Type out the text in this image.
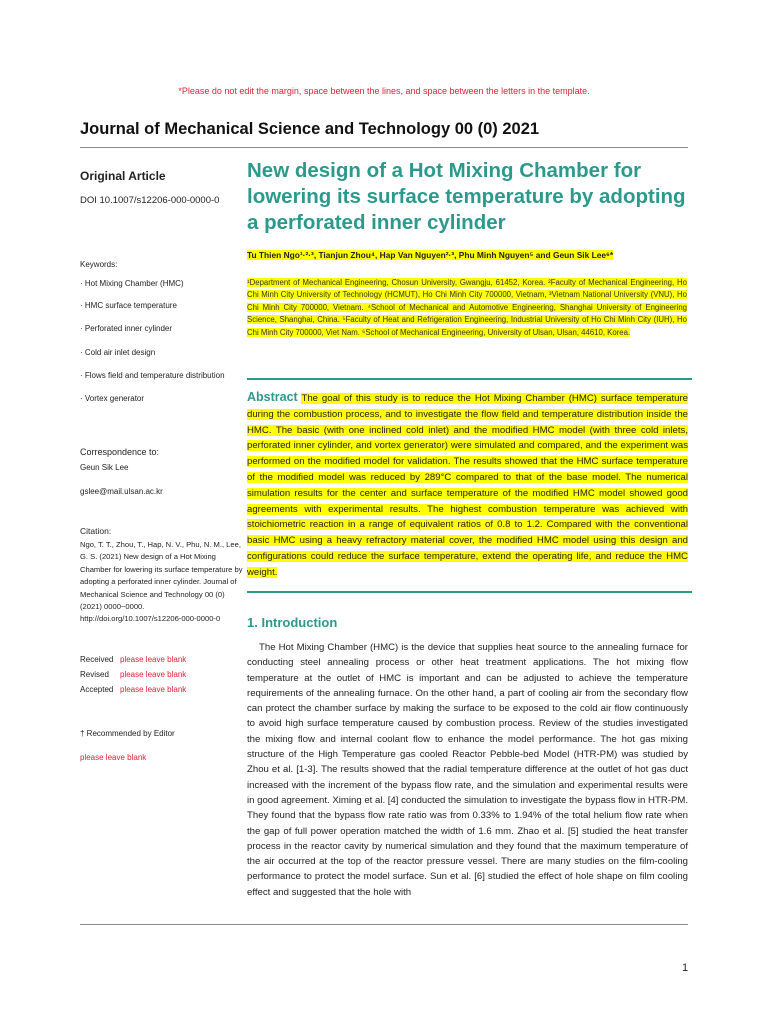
*Please do not edit the margin, space between the lines, and space between the letters in the template.
Journal of Mechanical Science and Technology 00 (0) 2021
Original Article
DOI 10.1007/s12206-000-0000-0
Keywords:
· Hot Mixing Chamber (HMC)
· HMC surface temperature
· Perforated inner cylinder
· Cold air inlet design
· Flows field and temperature distribution
· Vortex generator
Correspondence to:
Geun Sik Lee
gslee@mail.ulsan.ac.kr
Citation:
Ngo, T. T., Zhou, T., Hap, N. V., Phu, N. M., Lee, G. S. (2021) New design of a Hot Mixing Chamber for lowering its surface temperature by adopting a perforated inner cylinder. Journal of Mechanical Science and Technology 00 (0) (2021) 0000~0000. http://doi.org/10.1007/s12206-000-0000-0
Received please leave blank
Revised please leave blank
Accepted please leave blank
† Recommended by Editor
please leave blank
New design of a Hot Mixing Chamber for lowering its surface temperature by adopting a perforated inner cylinder
Tu Thien Ngo¹·²·³, Tianjun Zhou⁴, Hap Van Nguyen²·³, Phu Minh Nguyen⁵ and Geun Sik Lee⁶*
¹Department of Mechanical Engineering, Chosun University, Gwangju, 61452, Korea. ²Faculty of Mechanical Engineering, Ho Chi Minh City University of Technology (HCMUT), Ho Chi Minh City 700000, Vietnam, ³Vietnam National University (VNU), Ho Chi Minh City 700000, Vietnam. ⁴School of Mechanical and Automotive Engineering, Shanghai University of Engineering Science, Shanghai, China. ⁵Faculty of Heat and Refrigeration Engineering, Industrial University of Ho Chi Minh City (IUH), Ho Chi Minh City 700000, Viet Nam. ⁶School of Mechanical Engineering, University of Ulsan, Ulsan, 44610, Korea.
Abstract The goal of this study is to reduce the Hot Mixing Chamber (HMC) surface temperature during the combustion process, and to investigate the flow field and temperature distribution inside the HMC. The basic (with one inclined cold inlet) and the modified HMC model (with three cold inlets, perforated inner cylinder, and vortex generator) were simulated and compared, and the experiment was performed on the modified model for validation. The results showed that the HMC surface temperature of the modified model was reduced by 289°C compared to that of the base model. The numerical simulation results for the center and surface temperature of the modified HMC model showed good agreements with experimental results. The highest combustion temperature was achieved with stoichiometric reaction in a range of equivalent ratios of 0.8 to 1.2. Compared with the conventional basic HMC using a heavy refractory material cover, the modified HMC model using this design and configurations could reduce the surface temperature, extend the operating life, and reduce the HMC weight.
1. Introduction
The Hot Mixing Chamber (HMC) is the device that supplies heat source to the annealing furnace for conducting steel annealing process or other heat treatment applications. The hot mixing flow temperature at the outlet of HMC is important and can be adjusted to achieve the temperature requirements of the annealing furnace. On the other hand, a part of cooling air from the secondary flow can protect the chamber surface by making the surface to be exposed to the cold air flow continuously to avoid high surface temperature caused by combustion process. Review of the studies investigated the mixing flow and internal coolant flow to enhance the model performance. The hot gas mixing structure of the High Temperature gas cooled Reactor Pebble-bed Model (HTR-PM) was studied by Zhou et al. [1-3]. The results showed that the radial temperature difference at the outlet of hot gas duct increased with the increment of the bypass flow rate, and the simulation and experimental results were in good agreement. Ximing et al. [4] conducted the simulation to investigate the bypass flow in HTR-PM. They found that the bypass flow rate ratio was from 0.33% to 1.94% of the total helium flow rate when the gap of full power operation matched the width of 1.6 mm. Zhao et al. [5] studied the heat transfer process in the reactor cavity by numerical simulation and they found that the maximum temperature of the air occurred at the top of the reactor pressure vessel. There are many studies on the film-cooling performance to protect the model surface. Sun et al. [6] studied the effect of hole shape on film cooling effect and suggested that the hole with
1
